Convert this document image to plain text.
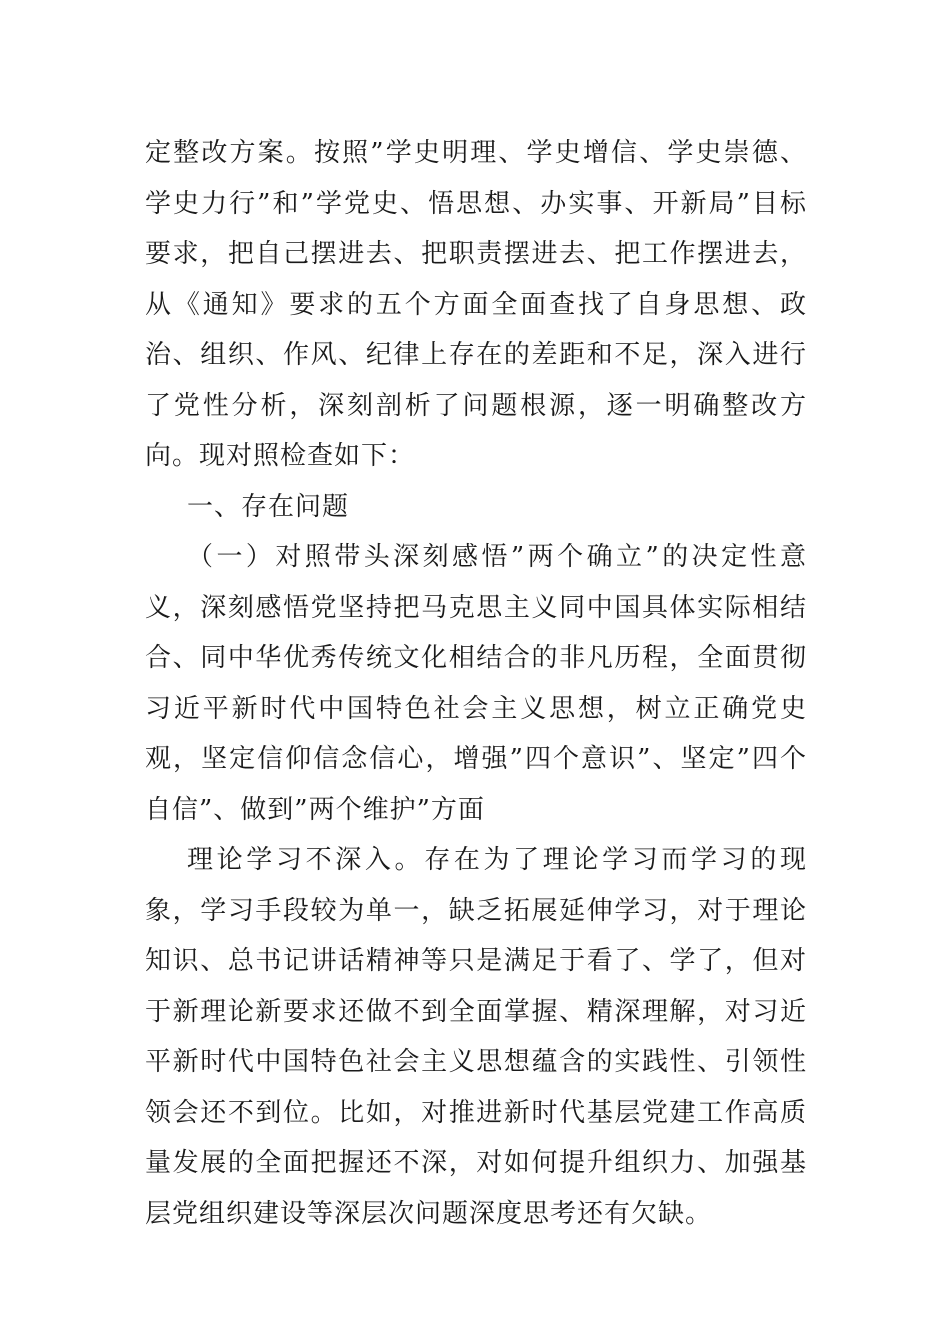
定整改方案。按照”学史明理、学史增信、学史崇德、学史力行”和”学党史、悟思想、办实事、开新局”目标要求，把自己摆进去、把职责摆进去、把工作摆进去，从《通知》要求的五个方面全面查找了自身思想、政治、组织、作风、纪律上存在的差距和不足，深入进行了党性分析，深刻剖析了问题根源，逐一明确整改方向。现对照检查如下：

一、存在问题

（一）对照带头深刻感悟”两个确立”的决定性意义，深刻感悟党坚持把马克思主义同中国具体实际相结合、同中华优秀传统文化相结合的非凡历程，全面贯彻习近平新时代中国特色社会主义思想，树立正确党史观，坚定信仰信念信心，增强”四个意识”、坚定”四个自信”、做到”两个维护”方面

理论学习不深入。存在为了理论学习而学习的现象，学习手段较为单一，缺乏拓展延伸学习，对于理论知识、总书记讲话精神等只是满足于看了、学了，但对于新理论新要求还做不到全面掌握、精深理解，对习近平新时代中国特色社会主义思想蕴含的实践性、引领性领会还不到位。比如，对推进新时代基层党建工作高质量发展的全面把握还不深，对如何提升组织力、加强基层党组织建设等深层次问题深度思考还有欠缺。
